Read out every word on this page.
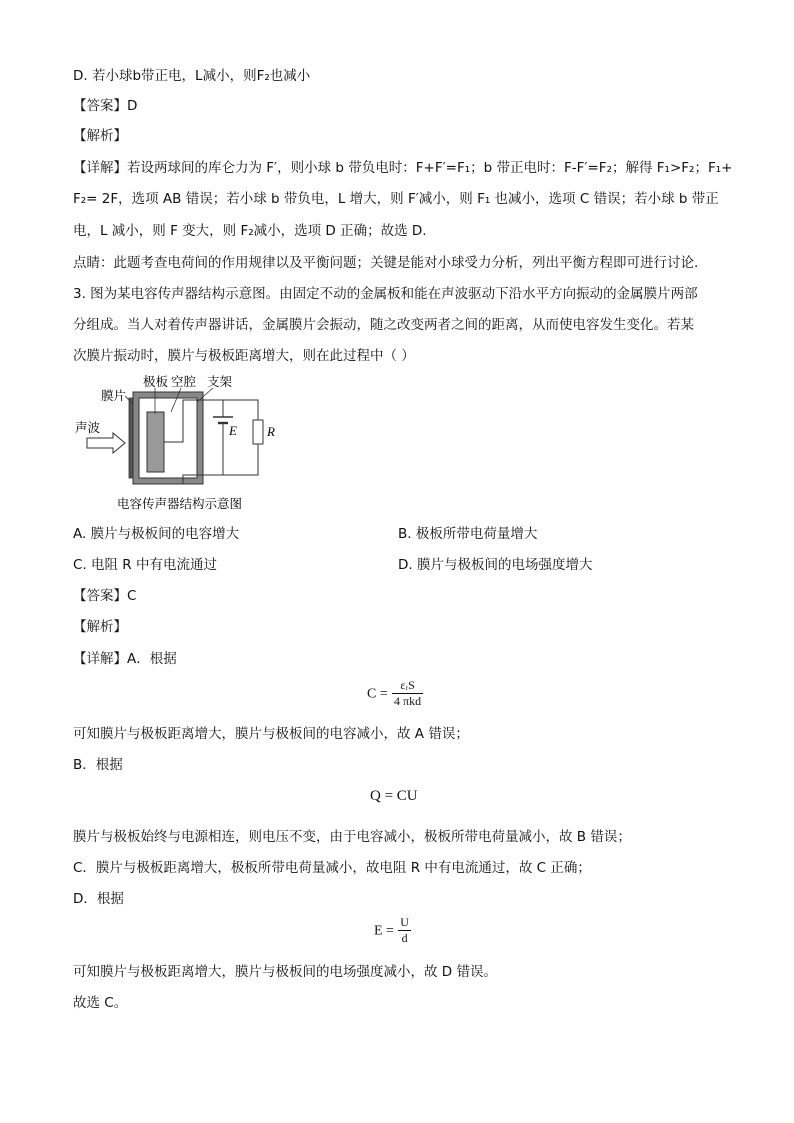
D. 若小球b带正电，L减小，则F₂也减小
【答案】D
【解析】
【详解】若设两球间的库仑力为 F′，则小球 b 带负电时：F+F′=F₁；b 带正电时：F-F′=F₂；解得 F₁>F₂；F₁+
F₂= 2F，选项 AB 错误；若小球 b 带负电，L 增大，则 F′减小，则 F₁ 也减小，选项 C 错误；若小球 b 带正
电，L 减小，则 F 变大，则 F₂减小，选项 D 正确；故选 D.
点睛：此题考查电荷间的作用规律以及平衡问题；关键是能对小球受力分析，列出平衡方程即可进行讨论.
3. 图为某电容传声器结构示意图。由固定不动的金属板和能在声波驱动下沿水平方向振动的金属膜片两部
分组成。当人对着传声器讲话，金属膜片会振动，随之改变两者之间的距离，从而使电容发生变化。若某
次膜片振动时，膜片与极板距离增大，则在此过程中（ ）
膜片
极板 空腔 支架
声波	E R
电容传声器结构示意图
A. 膜片与极板间的电容增大	B. 极板所带电荷量增大
C. 电阻 R 中有电流通过	D. 膜片与极板间的电场强度增大
【答案】C
【解析】
【详解】A．根据
$C = \frac{\text{εᵣS}}{\text{4 πkd}}$
可知膜片与极板距离增大，膜片与极板间的电容减小，故 A 错误；
B．根据
Q = CU
膜片与极板始终与电源相连，则电压不变，由于电容减小，极板所带电荷量减小，故 B 错误；
C．膜片与极板距离增大，极板所带电荷量减小，故电阻 R 中有电流通过，故 C 正确；
D．根据
$E = \frac{U}{d}$
可知膜片与极板距离增大，膜片与极板间的电场强度减小，故 D 错误。
故选 C。
